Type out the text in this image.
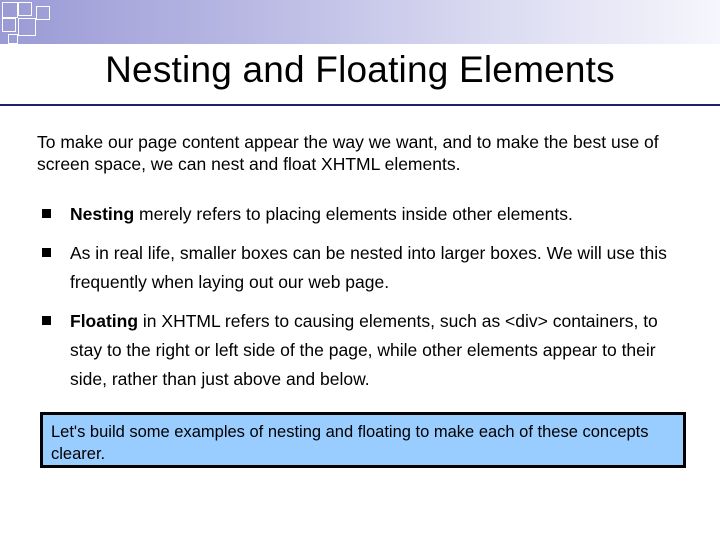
Nesting and Floating Elements
To make our page content appear the way we want, and to make the best use of screen space, we can nest and float XHTML elements.
Nesting merely refers to placing elements inside other elements.
As in real life, smaller boxes can be nested into larger boxes. We will use this frequently when laying out our web page.
Floating in XHTML refers to causing elements, such as <div> containers, to stay to the right or left side of the page, while other elements appear to their side, rather than just above and below.
Let's build some examples of nesting and floating to make each of these concepts clearer.
